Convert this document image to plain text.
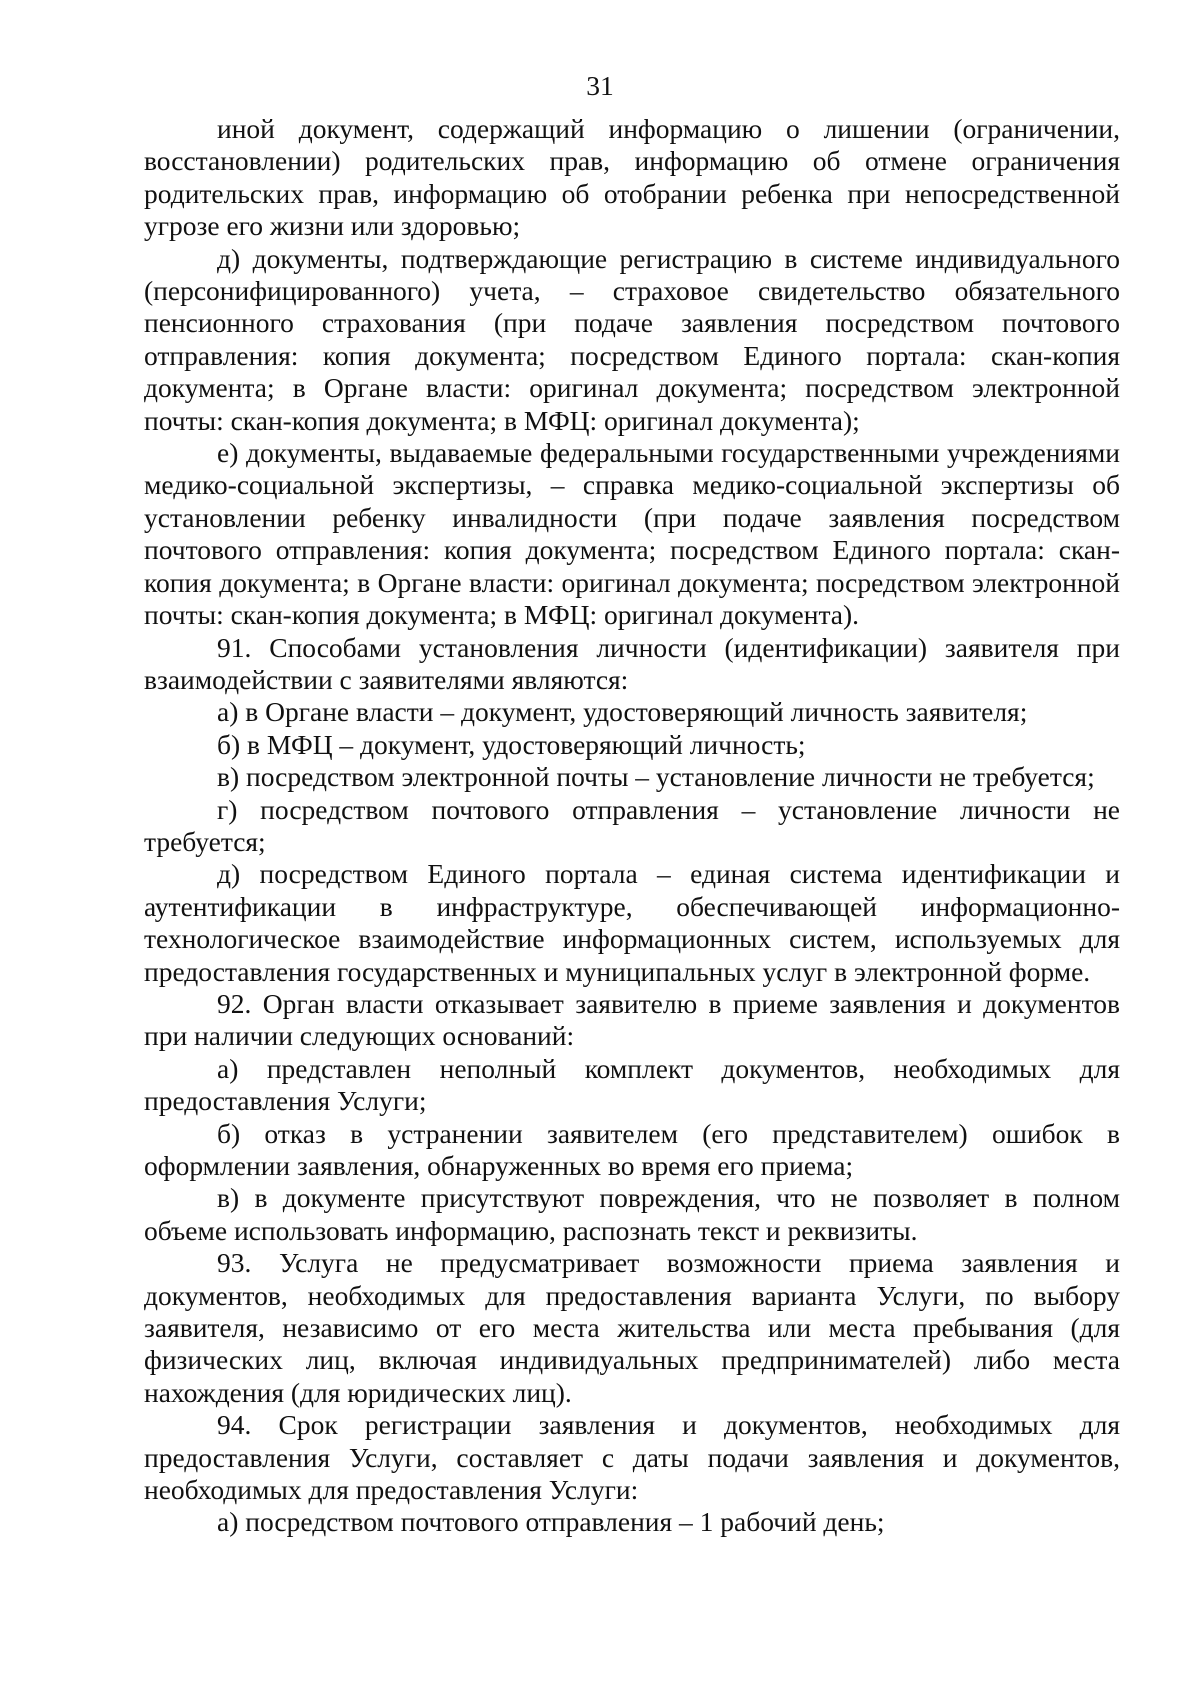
31

иной документ, содержащий информацию о лишении (ограничении, восстановлении) родительских прав, информацию об отмене ограничения родительских прав, информацию об отобрании ребенка при непосредственной угрозе его жизни или здоровью;

д) документы, подтверждающие регистрацию в системе индивидуального (персонифицированного) учета, – страховое свидетельство обязательного пенсионного страхования (при подаче заявления посредством почтового отправления: копия документа; посредством Единого портала: скан-копия документа; в Органе власти: оригинал документа; посредством электронной почты: скан-копия документа; в МФЦ: оригинал документа);

е) документы, выдаваемые федеральными государственными учреждениями медико-социальной экспертизы, – справка медико-социальной экспертизы об установлении ребенку инвалидности (при подаче заявления посредством почтового отправления: копия документа; посредством Единого портала: скан-копия документа; в Органе власти: оригинал документа; посредством электронной почты: скан-копия документа; в МФЦ: оригинал документа).

91. Способами установления личности (идентификации) заявителя при взаимодействии с заявителями являются:

а) в Органе власти – документ, удостоверяющий личность заявителя;

б) в МФЦ – документ, удостоверяющий личность;

в) посредством электронной почты – установление личности не требуется;

г) посредством почтового отправления – установление личности не требуется;

д) посредством Единого портала – единая система идентификации и аутентификации в инфраструктуре, обеспечивающей информационно-технологическое взаимодействие информационных систем, используемых для предоставления государственных и муниципальных услуг в электронной форме.

92. Орган власти отказывает заявителю в приеме заявления и документов при наличии следующих оснований:

а) представлен неполный комплект документов, необходимых для предоставления Услуги;

б) отказ в устранении заявителем (его представителем) ошибок в оформлении заявления, обнаруженных во время его приема;

в) в документе присутствуют повреждения, что не позволяет в полном объеме использовать информацию, распознать текст и реквизиты.

93. Услуга не предусматривает возможности приема заявления и документов, необходимых для предоставления варианта Услуги, по выбору заявителя, независимо от его места жительства или места пребывания (для физических лиц, включая индивидуальных предпринимателей) либо места нахождения (для юридических лиц).

94. Срок регистрации заявления и документов, необходимых для предоставления Услуги, составляет с даты подачи заявления и документов, необходимых для предоставления Услуги:

а) посредством почтового отправления – 1 рабочий день;
